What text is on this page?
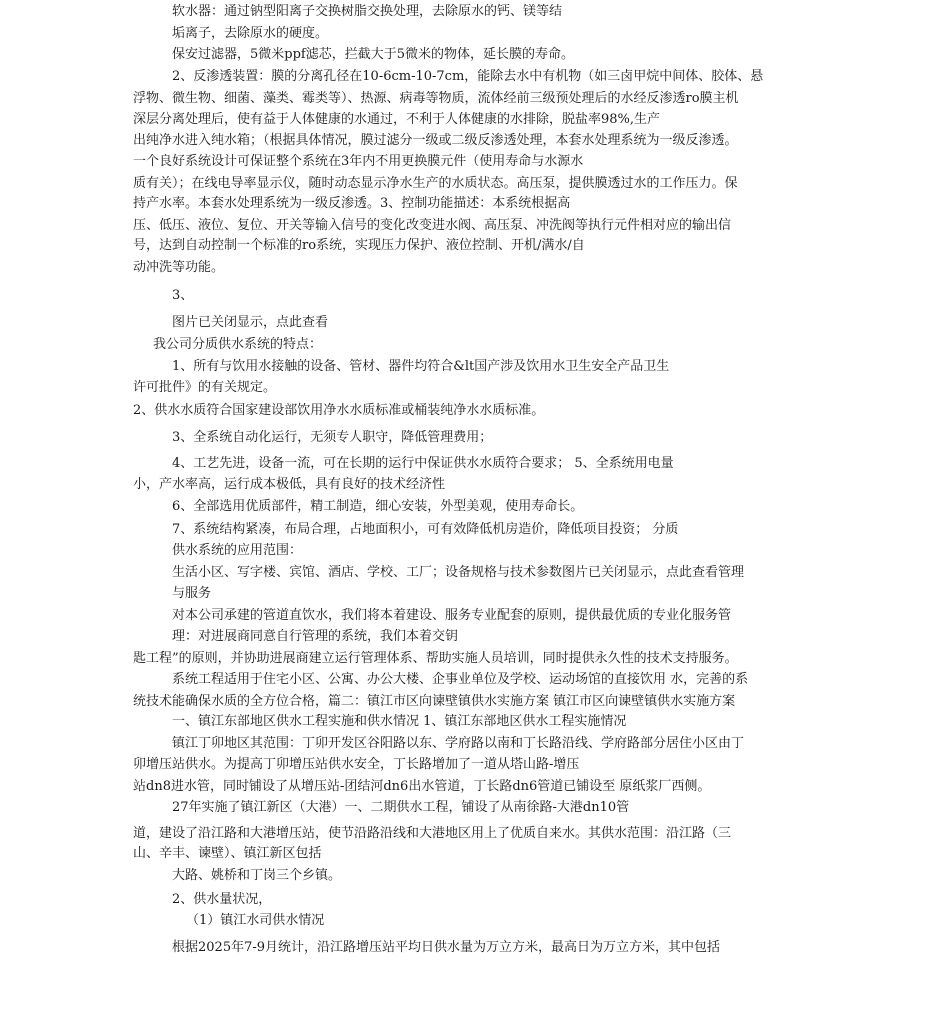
软水器：通过钠型阳离子交换树脂交换处理，去除原水的钙、镁等结

垢离子，去除原水的硬度。

保安过滤器，5微米ppf滤芯，拦截大于5微米的物体，延长膜的寿命。

2、反渗透装置：膜的分离孔径在10-6cm-10-7cm，能除去水中有机物（如三卤甲烷中间体、胶体、悬

浮物、微生物、细菌、藻类、霉类等）、热源、病毒等物质，流体经前三级预处理后的水经反渗透ro膜主机

深层分离处理后，使有益于人体健康的水通过，不利于人体健康的水排除，脱盐率98%,生产

出纯净水进入纯水箱；（根据具体情况，膜过滤分一级或二级反渗透处理，本套水处理系统为一级反渗透。

一个良好系统设计可保证整个系统在3年内不用更换膜元件（使用寿命与水源水

质有关）；在线电导率显示仪，随时动态显示净水生产的水质状态。高压泵，提供膜透过水的工作压力。保

持产水率。本套水处理系统为一级反渗透。3、控制功能描述：本系统根据高

压、低压、液位、复位、开关等输入信号的变化改变进水阀、高压泵、冲洗阀等执行元件相对应的输出信

号，达到自动控制一个标准的ro系统，实现压力保护、液位控制、开机/满水/自

动冲洗等功能。

3、

图片已关闭显示，点此查看

我公司分质供水系统的特点：

1、所有与饮用水接触的设备、管材、器件均符合&lt国产涉及饮用水卫生安全产品卫生

许可批件》的有关规定。

2、供水水质符合国家建设部饮用净水水质标准或桶装纯净水水质标准。

3、全系统自动化运行，无须专人职守，降低管理费用；

4、工艺先进，设备一流，可在长期的运行中保证供水水质符合要求； 5、全系统用电量

小，产水率高，运行成本极低，具有良好的技术经济性

6、全部选用优质部件，精工制造，细心安装，外型美观，使用寿命长。

7、系统结构紧凑，布局合理，占地面积小，可有效降低机房造价，降低项目投资； 分质

供水系统的应用范围：

生活小区、写字楼、宾馆、酒店、学校、工厂；设备规格与技术参数图片已关闭显示，点此查看管理

与服务

对本公司承建的管道直饮水，我们将本着建设、服务专业配套的原则，提供最优质的专业化服务管

理：对进展商同意自行管理的系统，我们本着交钥

匙工程”的原则，并协助进展商建立运行管理体系、帮助实施人员培训，同时提供永久性的技术支持服务。

系统工程适用于住宅小区、公寓、办公大楼、企事业单位及学校、运动场馆的直接饮用 水，完善的系

统技术能确保水质的全方位合格，篇二：镇江市区向谏壁镇供水实施方案 镇江市区向谏壁镇供水实施方案

一、镇江东部地区供水工程实施和供水情况 1、镇江东部地区供水工程实施情况

镇江丁卯地区其范围：丁卯开发区谷阳路以东、学府路以南和丁长路沿线、学府路部分居住小区由丁

卯增压站供水。为提高丁卯增压站供水安全，丁长路增加了一道从塔山路-增压

站dn8进水管，同时铺设了从增压站-团结河dn6出水管道，丁长路dn6管道已铺设至 原纸浆厂西侧。

27年实施了镇江新区（大港）一、二期供水工程，铺设了从南徐路-大港dn10管

道，建设了沿江路和大港增压站，使节沿路沿线和大港地区用上了优质自来水。其供水范围：沿江路（三

山、辛丰、谏壁）、镇江新区包括

大路、姚桥和丁岗三个乡镇。

2、供水量状况，

（1）镇江水司供水情况

根据2025年7-9月统计，沿江路增压站平均日供水量为万立方米，最高日为万立方米，其中包括
